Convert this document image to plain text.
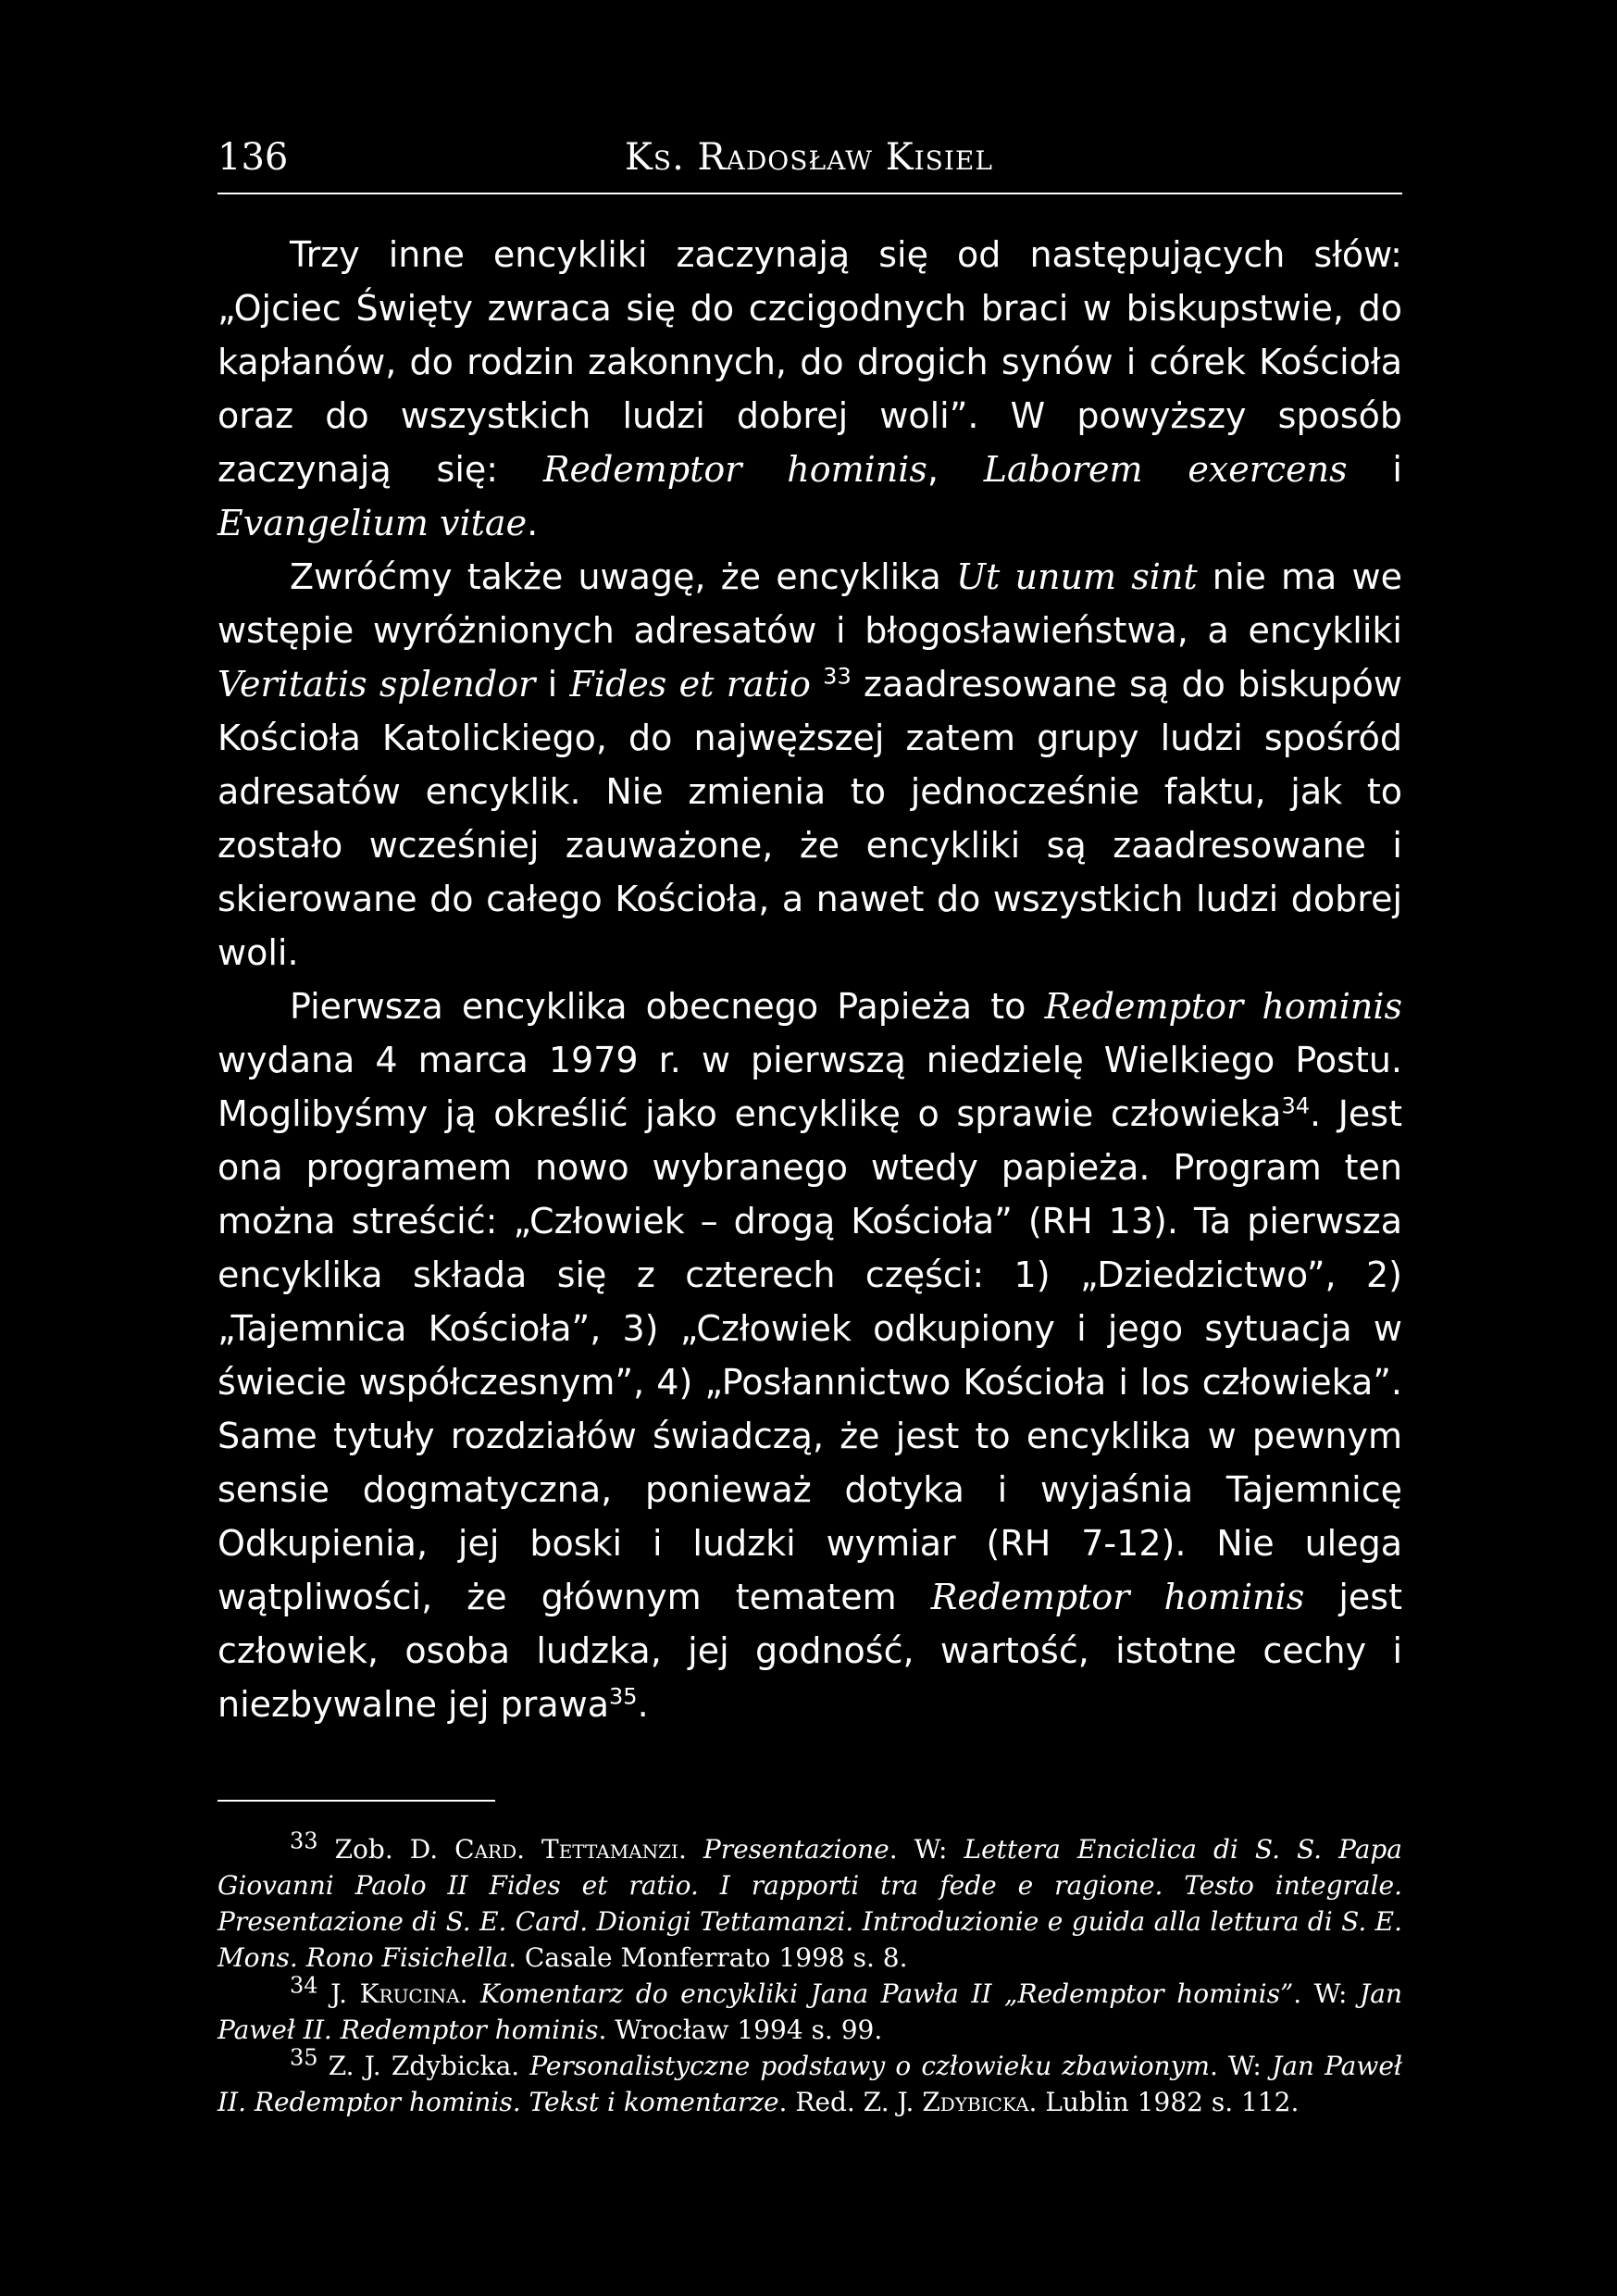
136	Ks. Radosław Kisiel

Trzy inne encykliki zaczynają się od następujących słów: „Ojciec Święty zwraca się do czcigodnych braci w biskupstwie, do kapłanów, do rodzin zakonnych, do drogich synów i córek Kościoła oraz do wszystkich ludzi dobrej woli”. W powyższy sposób zaczynają się: Redemptor hominis, Laborem exercens i Evangelium vitae.

Zwróćmy także uwagę, że encyklika Ut unum sint nie ma we wstępie wyróżnionych adresatów i błogosławieństwa, a encykliki Veritatis splendor i Fides et ratio $^{33}$ zaadresowane są do biskupów Kościoła Katolickiego, do najwęższej zatem grupy ludzi spośród adresatów encyklik. Nie zmienia to jednocześnie faktu, jak to zostało wcześniej zauważone, że encykliki są zaadresowane i skierowane do całego Kościoła, a nawet do wszystkich ludzi dobrej woli.

Pierwsza encyklika obecnego Papieża to Redemptor hominis wydana 4 marca 1979 r. w pierwszą niedzielę Wielkiego Postu. Moglibyśmy ją określić jako encyklikę o sprawie człowieka$^{34}$. Jest ona programem nowo wybranego wtedy papieża. Program ten można streścić: „Człowiek – drogą Kościoła” (RH 13). Ta pierwsza encyklika składa się z czterech części: 1) „Dziedzictwo”, 2) „Tajemnica Kościoła”, 3) „Człowiek odkupiony i jego sytuacja w świecie współczesnym”, 4) „Posłannictwo Kościoła i los człowieka”. Same tytuły rozdziałów świadczą, że jest to encyklika w pewnym sensie dogmatyczna, ponieważ dotyka i wyjaśnia Tajemnicę Odkupienia, jej boski i ludzki wymiar (RH 7-12). Nie ulega wątpliwości, że głównym tematem Redemptor hominis jest człowiek, osoba ludzka, jej godność, wartość, istotne cechy i niezbywalne jej prawa$^{35}$.

$^{33}$ Zob. D. Card. Tettamanzi. Presentazione. W: Lettera Enciclica di S. S. Papa Giovanni Paolo II Fides et ratio. I rapporti tra fede e ragione. Testo integrale. Presentazione di S. E. Card. Dionigi Tettamanzi. Introduzionie e guida alla lettura di S. E. Mons. Rono Fisichella. Casale Monferrato 1998 s. 8.

$^{34}$ J. Krucina. Komentarz do encykliki Jana Pawła II „Redemptor hominis”. W: Jan Paweł II. Redemptor hominis. Wrocław 1994 s. 99.

$^{35}$ Z. J. Zdybicka. Personalistyczne podstawy o człowieku zbawionym. W: Jan Paweł II. Redemptor hominis. Tekst i komentarze. Red. Z. J. Zdybicka. Lublin 1982 s. 112.
